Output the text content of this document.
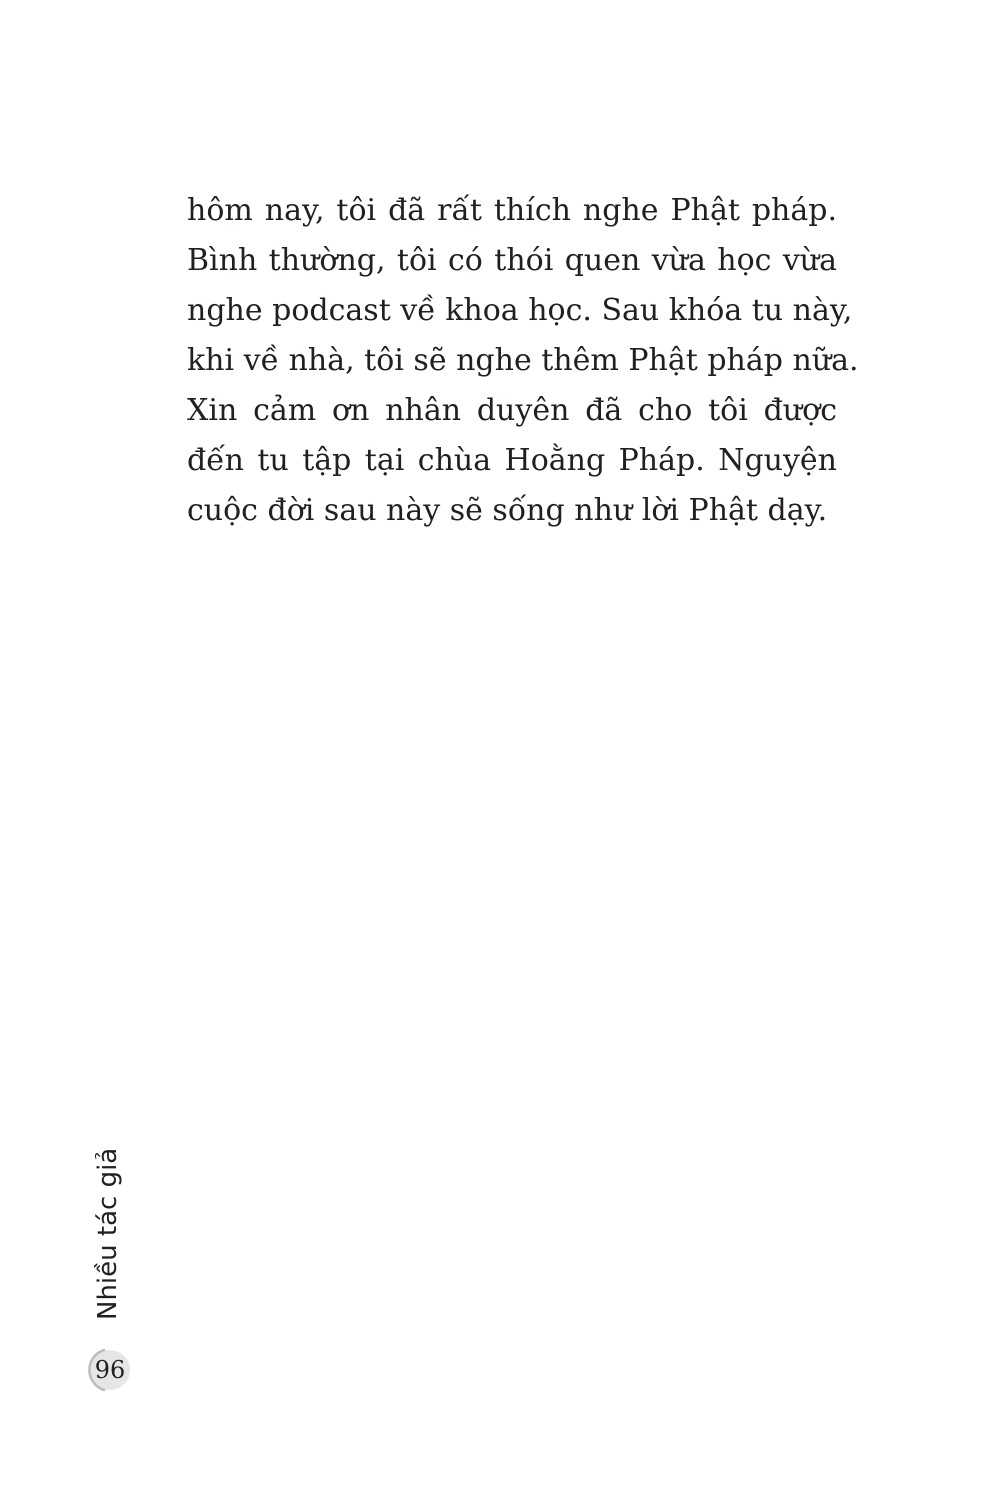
hôm nay, tôi đã rất thích nghe Phật pháp.
Bình thường, tôi có thói quen vừa học vừa
nghe podcast về khoa học. Sau khóa tu này,
khi về nhà, tôi sẽ nghe thêm Phật pháp nữa.
Xin cảm ơn nhân duyên đã cho tôi được
đến tu tập tại chùa Hoằng Pháp. Nguyện
cuộc đời sau này sẽ sống như lời Phật dạy.
Nhiều tác giả
96
